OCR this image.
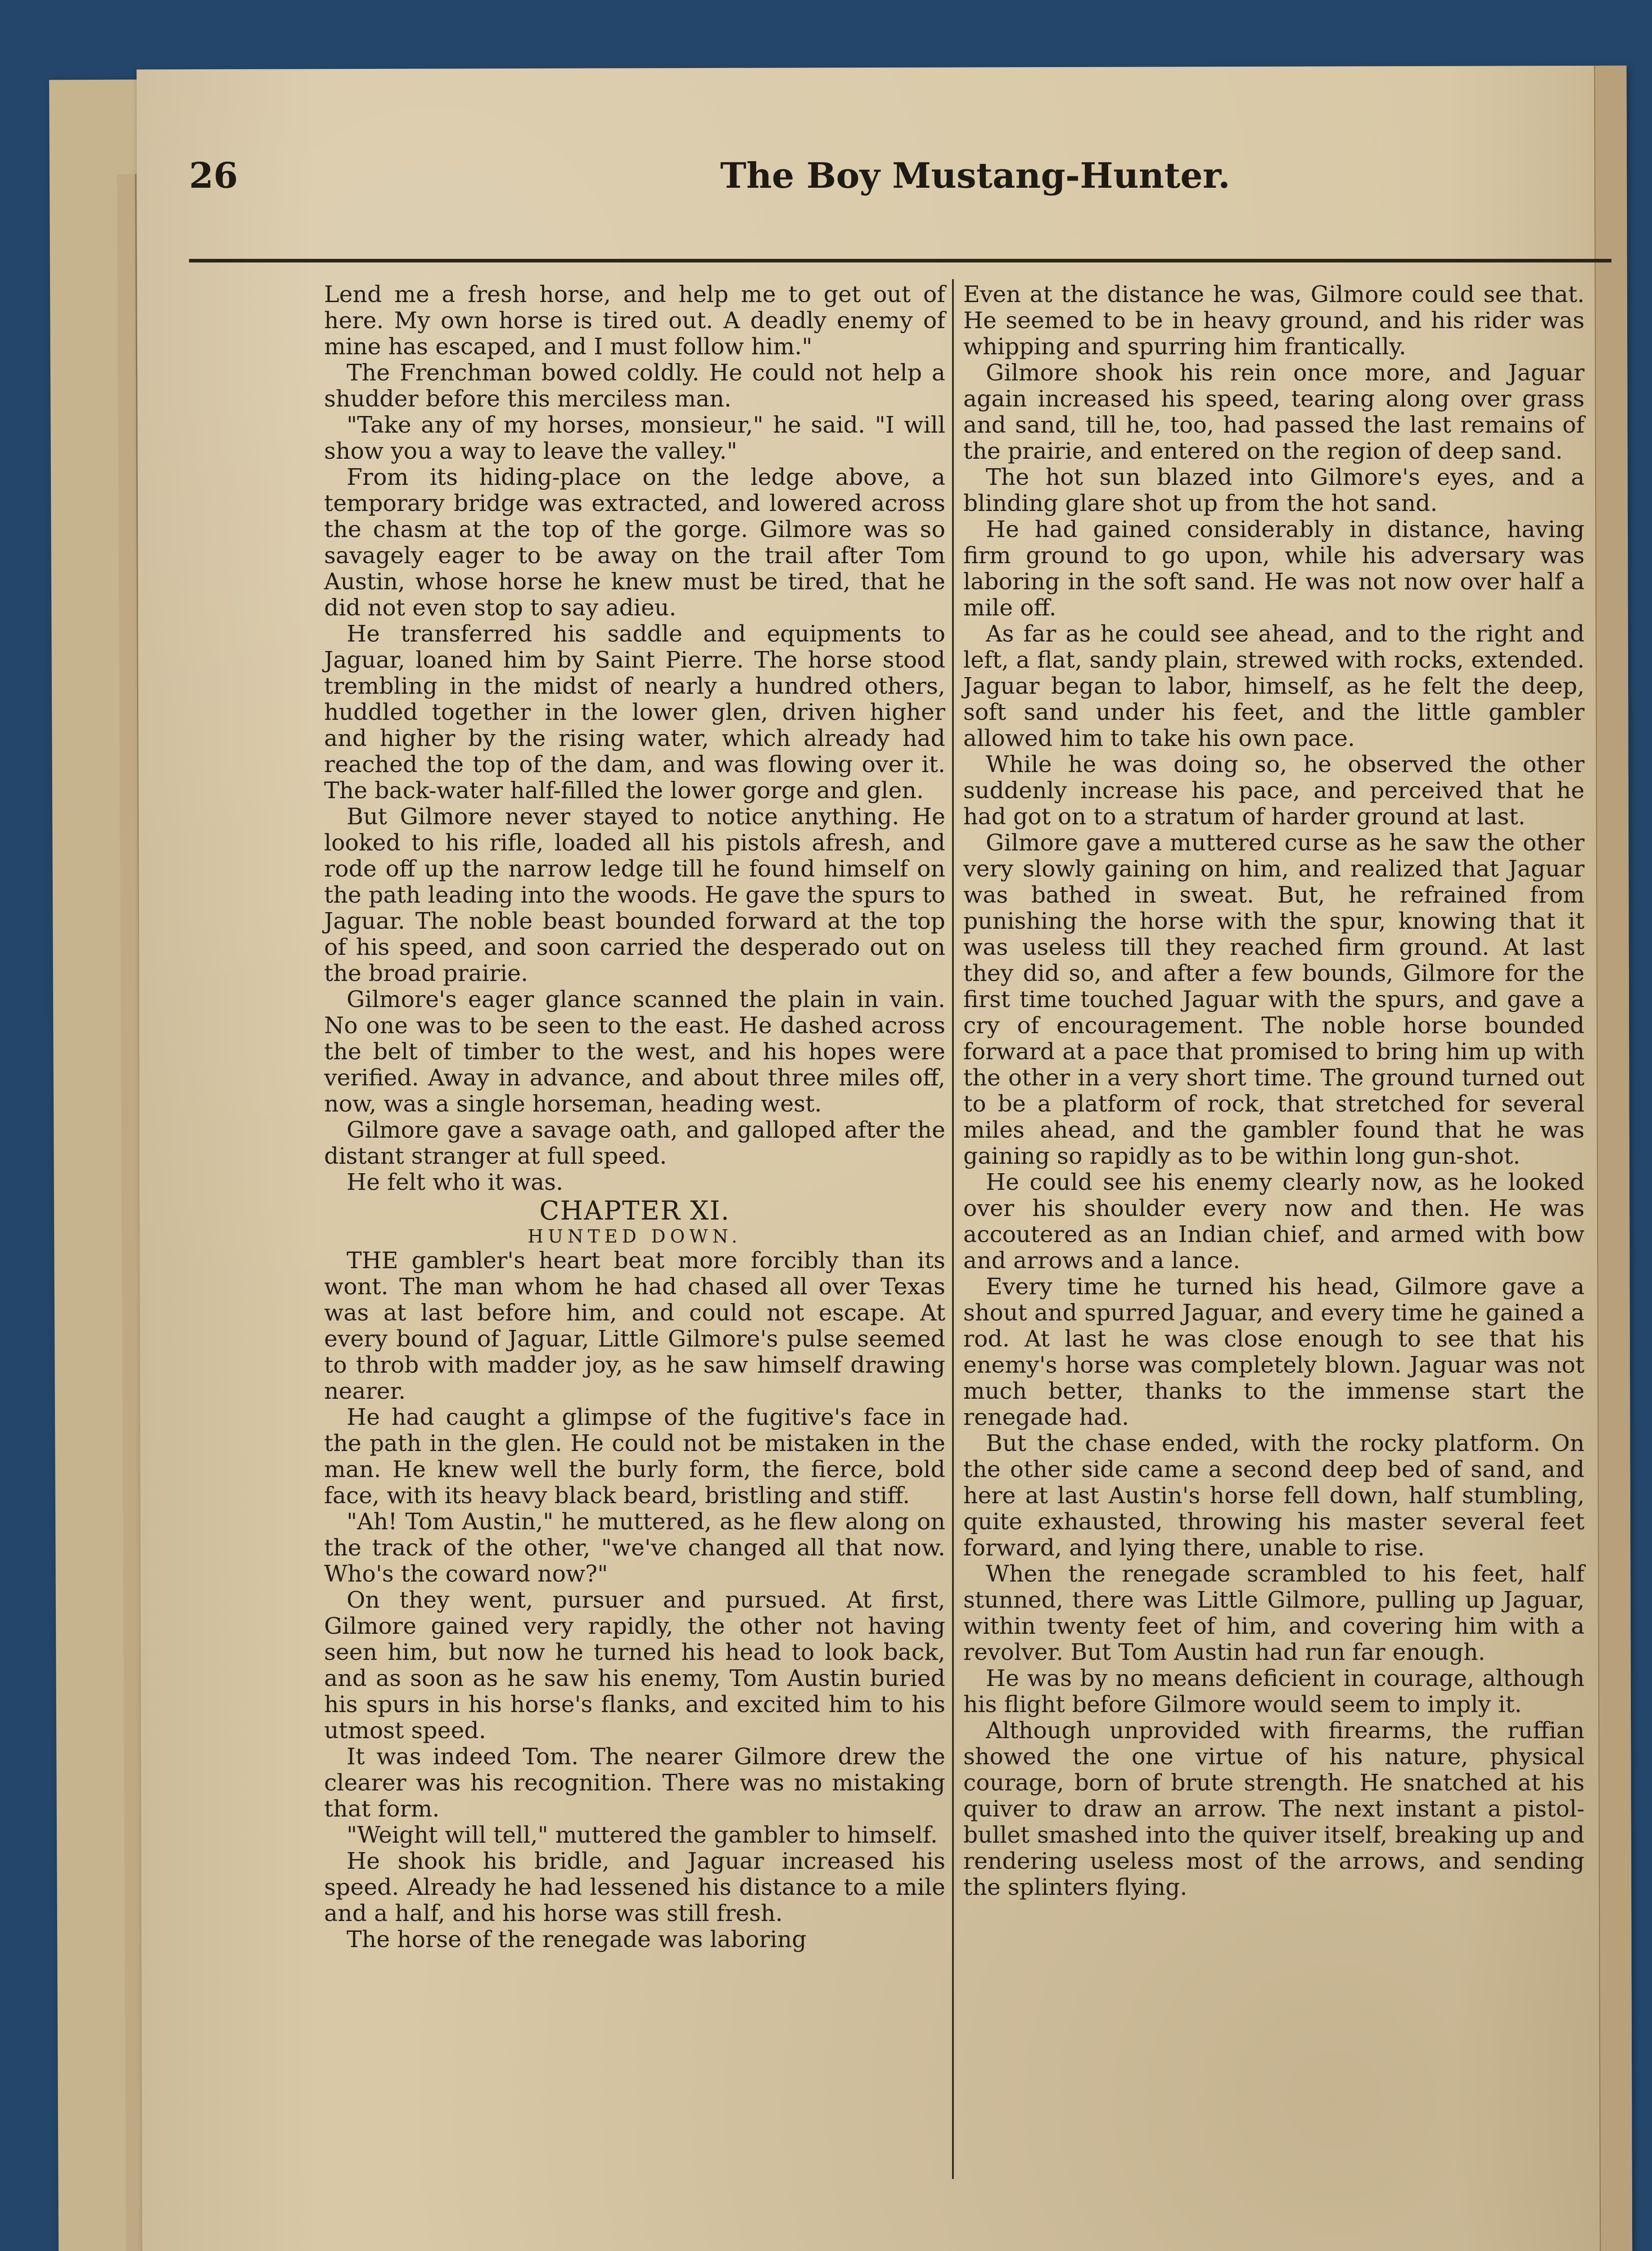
26	The Boy Mustang-Hunter.

Lend me a fresh horse, and help me to get out of here. My own horse is tired out. A deadly enemy of mine has escaped, and I must follow him."

The Frenchman bowed coldly. He could not help a shudder before this merciless man.

"Take any of my horses, monsieur," he said. "I will show you a way to leave the valley."

From its hiding-place on the ledge above, a temporary bridge was extracted, and lowered across the chasm at the top of the gorge. Gilmore was so savagely eager to be away on the trail after Tom Austin, whose horse he knew must be tired, that he did not even stop to say adieu.

He transferred his saddle and equipments to Jaguar, loaned him by Saint Pierre. The horse stood trembling in the midst of nearly a hundred others, huddled together in the lower glen, driven higher and higher by the rising water, which already had reached the top of the dam, and was flowing over it. The back-water half-filled the lower gorge and glen.

But Gilmore never stayed to notice anything. He looked to his rifle, loaded all his pistols afresh, and rode off up the narrow ledge till he found himself on the path leading into the woods. He gave the spurs to Jaguar. The noble beast bounded forward at the top of his speed, and soon carried the desperado out on the broad prairie.

Gilmore's eager glance scanned the plain in vain. No one was to be seen to the east. He dashed across the belt of timber to the west, and his hopes were verified. Away in advance, and about three miles off, now, was a single horseman, heading west.

Gilmore gave a savage oath, and galloped after the distant stranger at full speed.

He felt who it was.

CHAPTER XI.

HUNTED DOWN.

THE gambler's heart beat more forcibly than its wont. The man whom he had chased all over Texas was at last before him, and could not escape. At every bound of Jaguar, Little Gilmore's pulse seemed to throb with madder joy, as he saw himself drawing nearer.

He had caught a glimpse of the fugitive's face in the path in the glen. He could not be mistaken in the man. He knew well the burly form, the fierce, bold face, with its heavy black beard, bristling and stiff.

"Ah! Tom Austin," he muttered, as he flew along on the track of the other, "we've changed all that now. Who's the coward now?"

On they went, pursuer and pursued. At first, Gilmore gained very rapidly, the other not having seen him, but now he turned his head to look back, and as soon as he saw his enemy, Tom Austin buried his spurs in his horse's flanks, and excited him to his utmost speed.

It was indeed Tom. The nearer Gilmore drew the clearer was his recognition. There was no mistaking that form.

"Weight will tell," muttered the gambler to himself.

He shook his bridle, and Jaguar increased his speed. Already he had lessened his distance to a mile and a half, and his horse was still fresh.

The horse of the renegade was laboring

Even at the distance he was, Gilmore could see that. He seemed to be in heavy ground, and his rider was whipping and spurring him frantically.

Gilmore shook his rein once more, and Jaguar again increased his speed, tearing along over grass and sand, till he, too, had passed the last remains of the prairie, and entered on the region of deep sand.

The hot sun blazed into Gilmore's eyes, and a blinding glare shot up from the hot sand.

He had gained considerably in distance, having firm ground to go upon, while his adversary was laboring in the soft sand. He was not now over half a mile off.

As far as he could see ahead, and to the right and left, a flat, sandy plain, strewed with rocks, extended. Jaguar began to labor, himself, as he felt the deep, soft sand under his feet, and the little gambler allowed him to take his own pace.

While he was doing so, he observed the other suddenly increase his pace, and perceived that he had got on to a stratum of harder ground at last.

Gilmore gave a muttered curse as he saw the other very slowly gaining on him, and realized that Jaguar was bathed in sweat. But, he refrained from punishing the horse with the spur, knowing that it was useless till they reached firm ground. At last they did so, and after a few bounds, Gilmore for the first time touched Jaguar with the spurs, and gave a cry of encouragement. The noble horse bounded forward at a pace that promised to bring him up with the other in a very short time. The ground turned out to be a platform of rock, that stretched for several miles ahead, and the gambler found that he was gaining so rapidly as to be within long gun-shot.

He could see his enemy clearly now, as he looked over his shoulder every now and then. He was accoutered as an Indian chief, and armed with bow and arrows and a lance.

Every time he turned his head, Gilmore gave a shout and spurred Jaguar, and every time he gained a rod. At last he was close enough to see that his enemy's horse was completely blown. Jaguar was not much better, thanks to the immense start the renegade had.

But the chase ended, with the rocky platform. On the other side came a second deep bed of sand, and here at last Austin's horse fell down, half stumbling, quite exhausted, throwing his master several feet forward, and lying there, unable to rise.

When the renegade scrambled to his feet, half stunned, there was Little Gilmore, pulling up Jaguar, within twenty feet of him, and covering him with a revolver. But Tom Austin had run far enough.

He was by no means deficient in courage, although his flight before Gilmore would seem to imply it.

Although unprovided with firearms, the ruffian showed the one virtue of his nature, physical courage, born of brute strength. He snatched at his quiver to draw an arrow. The next instant a pistol-bullet smashed into the quiver itself, breaking up and rendering useless most of the arrows, and sending the splinters flying.
